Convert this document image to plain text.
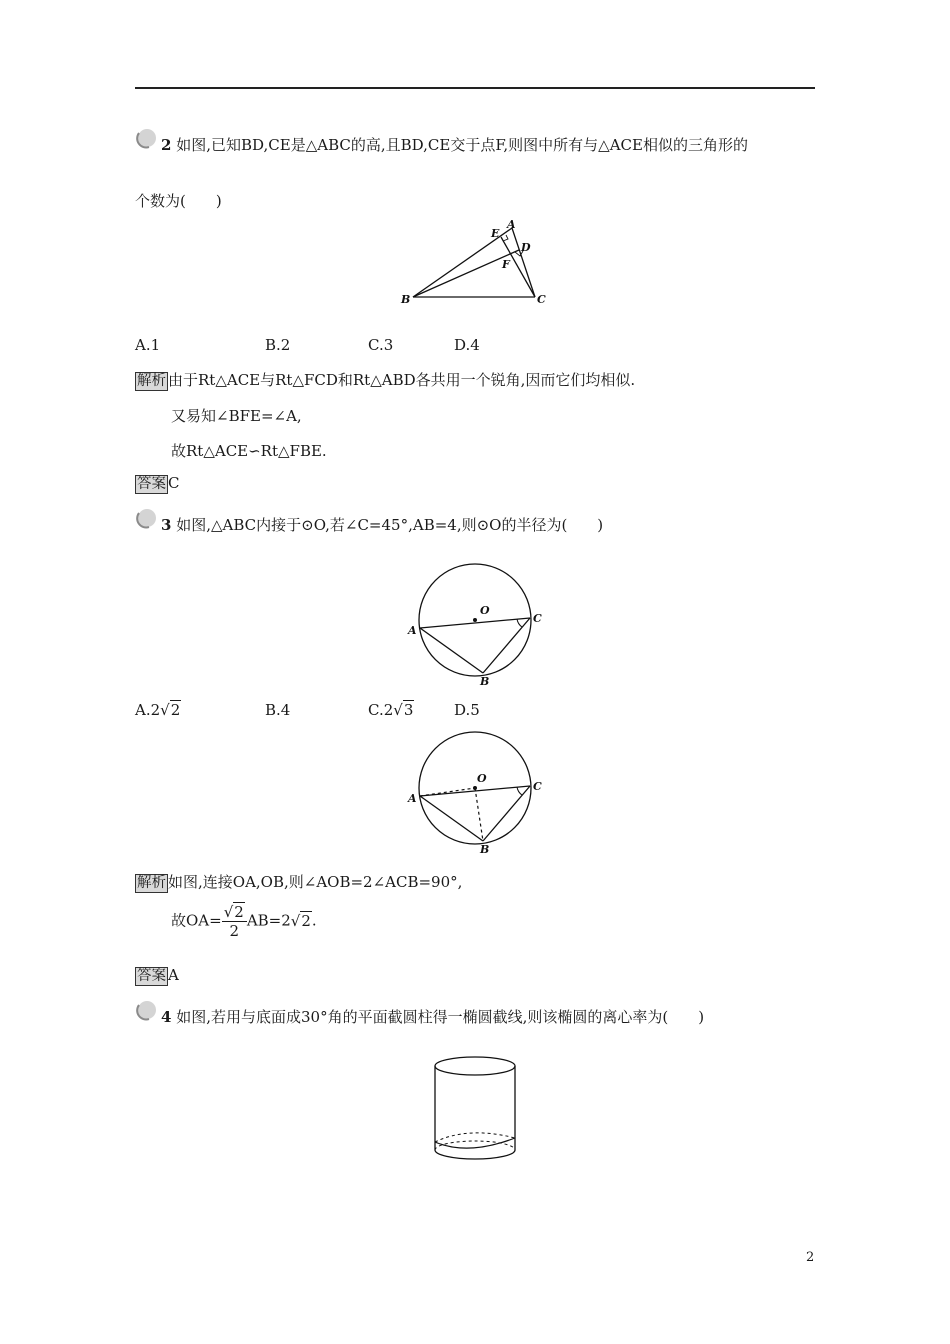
2 如图,已知BD,CE是△ABC的高,且BD,CE交于点F,则图中所有与△ACE相似的三角形的
个数为(　　)
A
E
D
F
B	C
A.1	B.2	C.3	D.4
解析 由于Rt△ACE与Rt△FCD和Rt△ABD各共用一个锐角,因而它们均相似.
又易知∠BFE=∠A,
故Rt△ACE∽Rt△FBE.
答案 C
3 如图,△ABC内接于⊙O,若∠C=45°,AB=4,则⊙O的半径为(　　)
O
A
C
B
A.2√2	B.4	C.2√3	D.5
O
A
C
B
解析 如图,连接OA,OB,则∠AOB=2∠ACB=90°,
故$OA= \frac{√2}{2} AB=2√2$.
答案 A
4 如图,若用与底面成30°角的平面截圆柱得一椭圆截线,则该椭圆的离心率为(　　)
2
